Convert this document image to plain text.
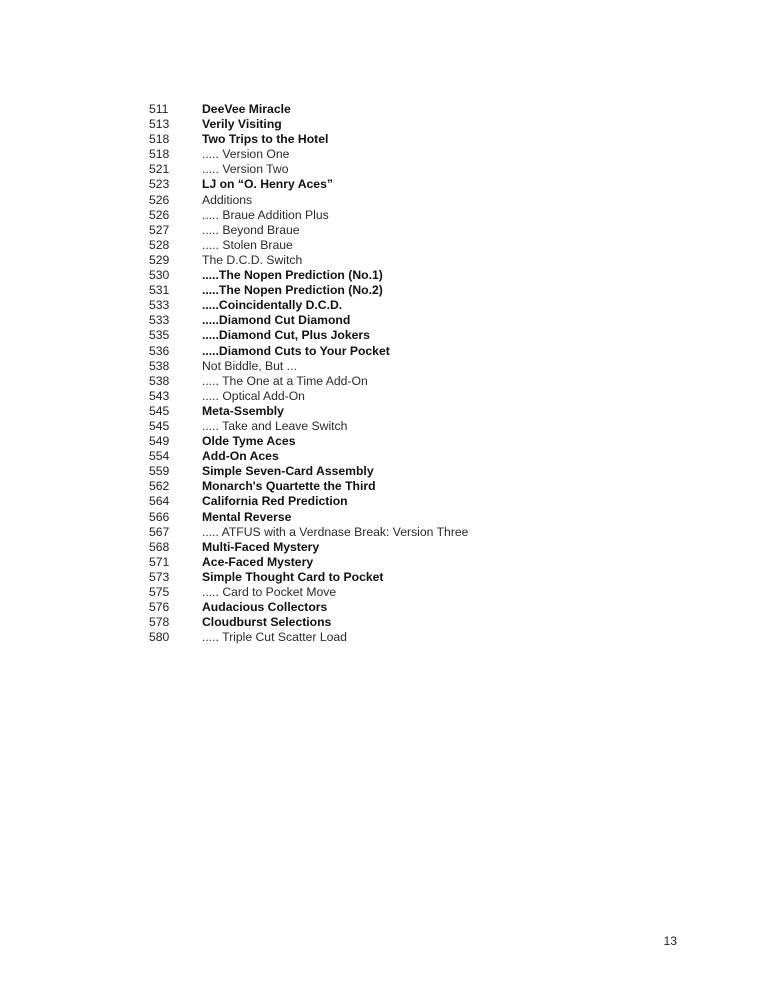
511	DeeVee Miracle
513	Verily Visiting
518	Two Trips to the Hotel
518	..... Version One
521	..... Version Two
523	LJ on “O. Henry Aces”
526	Additions
526	..... Braue Addition Plus
527	..... Beyond Braue
528	..... Stolen Braue
529	The D.C.D. Switch
530	.....The Nopen Prediction (No.1)
531	.....The Nopen Prediction (No.2)
533	.....Coincidentally D.C.D.
533	.....Diamond Cut Diamond
535	.....Diamond Cut, Plus Jokers
536	.....Diamond Cuts to Your Pocket
538	Not Biddle, But ...
538	..... The One at a Time Add-On
543	..... Optical Add-On
545	Meta-Ssembly
545	..... Take and Leave Switch
549	Olde Tyme Aces
554	Add-On Aces
559	Simple Seven-Card Assembly
562	Monarch's Quartette the Third
564	California Red Prediction
566	Mental Reverse
567	..... ATFUS with a Verdnase Break: Version Three
568	Multi-Faced Mystery
571	Ace-Faced Mystery
573	Simple Thought Card to Pocket
575	..... Card to Pocket Move
576	Audacious Collectors
578	Cloudburst Selections
580	..... Triple Cut Scatter Load
13
